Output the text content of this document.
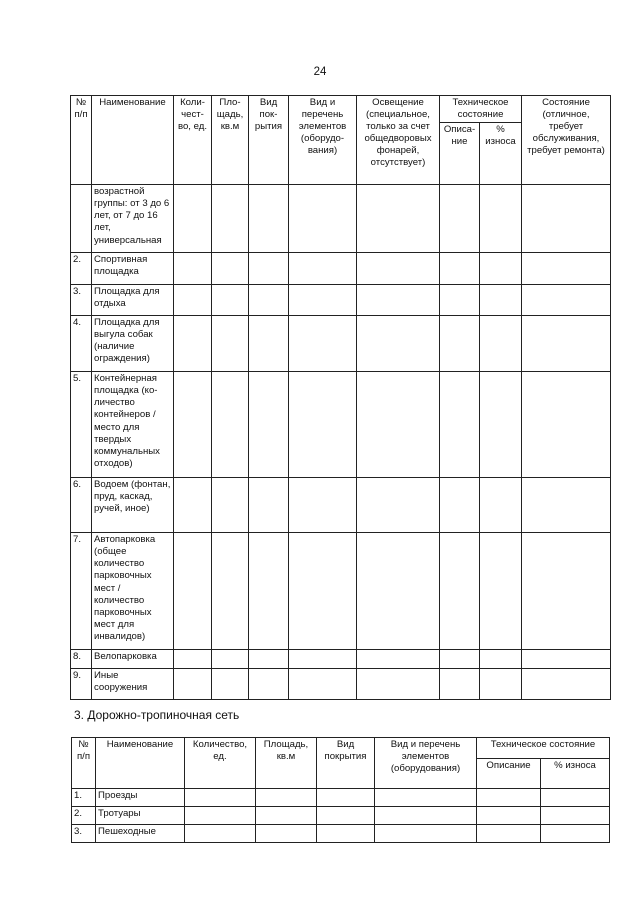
24
№ п/п	Наименование	Коли-чест-во, ед.	Пло-щадь, кв.м	Вид пок-рытия	Вид и перечень элементов (оборудо-вания)	Освещение (специальное, только за счет общедворовых фонарей, отсутствует)	Техническое состояние		Состояние (отличное, требует обслуживания, требует ремонта)
							Описа-ние	% износа	
	возрастной группы: от 3 до 6 лет, от 7 до 16 лет, универсальная								
2.	Спортивная площадка								
3.	Площадка для отдыха								
4.	Площадка для выгула собак (наличие ограждения)								
5.	Контейнерная площадка (ко-личество контейнеров / место для твердых коммунальных отходов)								
6.	Водоем (фонтан, пруд, каскад, ручей, иное)								
7.	Автопарковка (общее количество парковочных мест / количество парковочных мест для инвалидов)								
8.	Велопарковка								
9.	Иные сооружения								
3. Дорожно-тропиночная сеть
№ п/п	Наименование	Количество, ед.	Площадь, кв.м	Вид покрытия	Вид и перечень элементов (оборудования)	Техническое состояние	
						Описание	% износа
1.	Проезды						
2.	Тротуары						
3.	Пешеходные						
